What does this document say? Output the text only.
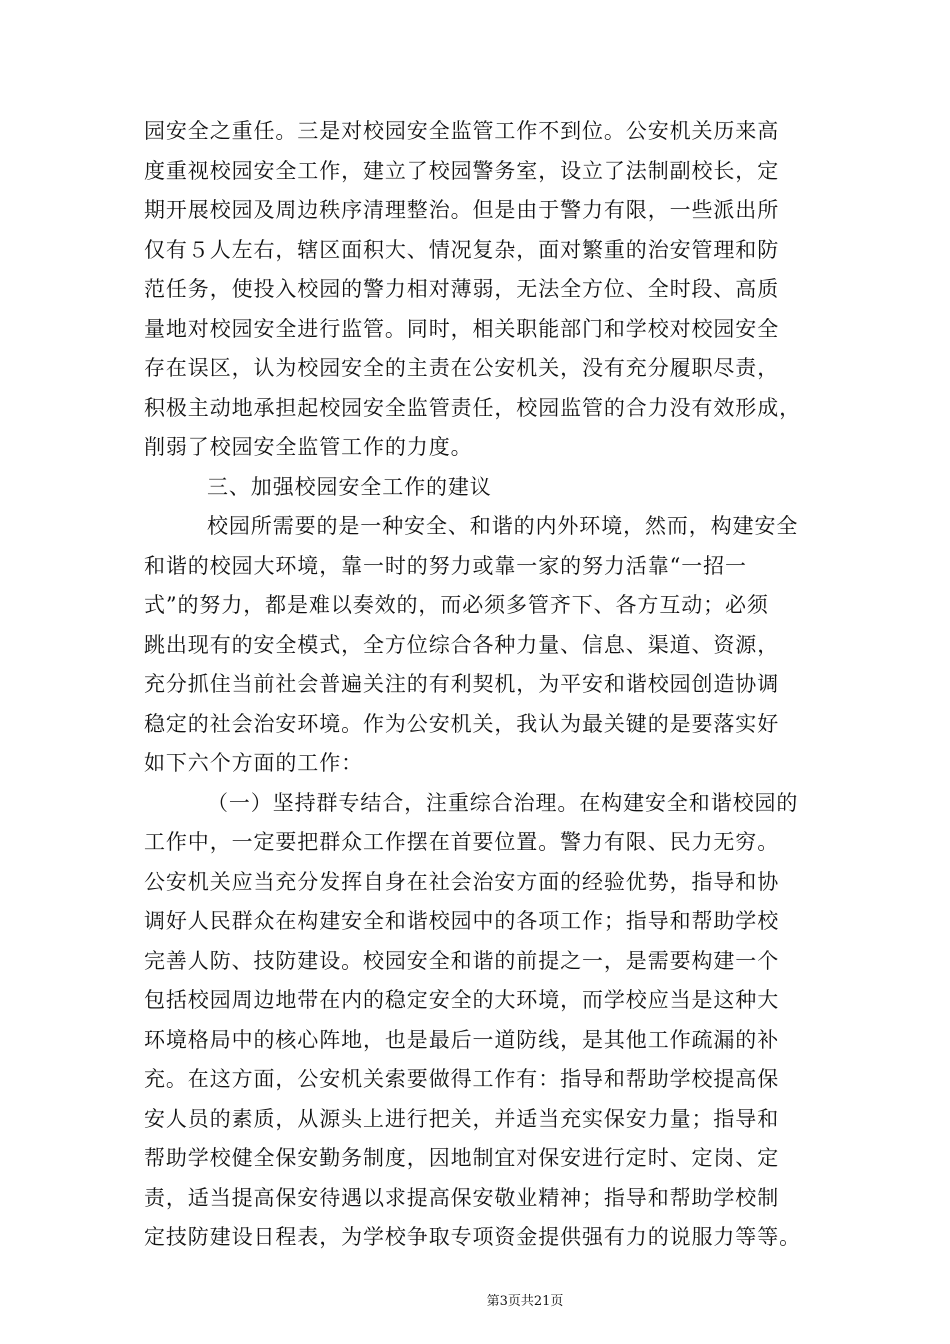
园安全之重任。三是对校园安全监管工作不到位。公安机关历来高
度重视校园安全工作，建立了校园警务室，设立了法制副校长，定
期开展校园及周边秩序清理整治。但是由于警力有限，一些派出所
仅有５人左右，辖区面积大、情况复杂，面对繁重的治安管理和防
范任务，使投入校园的警力相对薄弱，无法全方位、全时段、高质
量地对校园安全进行监管。同时，相关职能部门和学校对校园安全
存在误区，认为校园安全的主责在公安机关，没有充分履职尽责，
积极主动地承担起校园安全监管责任，校园监管的合力没有效形成，
削弱了校园安全监管工作的力度。
三、加强校园安全工作的建议
校园所需要的是一种安全、和谐的内外环境，然而，构建安全
和谐的校园大环境，靠一时的努力或靠一家的努力活靠“一招一
式”的努力，都是难以奏效的，而必须多管齐下、各方互动；必须
跳出现有的安全模式，全方位综合各种力量、信息、渠道、资源，
充分抓住当前社会普遍关注的有利契机，为平安和谐校园创造协调
稳定的社会治安环境。作为公安机关，我认为最关键的是要落实好
如下六个方面的工作：
（一）坚持群专结合，注重综合治理。在构建安全和谐校园的
工作中，一定要把群众工作摆在首要位置。警力有限、民力无穷。
公安机关应当充分发挥自身在社会治安方面的经验优势，指导和协
调好人民群众在构建安全和谐校园中的各项工作；指导和帮助学校
完善人防、技防建设。校园安全和谐的前提之一，是需要构建一个
包括校园周边地带在内的稳定安全的大环境，而学校应当是这种大
环境格局中的核心阵地，也是最后一道防线，是其他工作疏漏的补
充。在这方面，公安机关索要做得工作有：指导和帮助学校提高保
安人员的素质，从源头上进行把关，并适当充实保安力量；指导和
帮助学校健全保安勤务制度，因地制宜对保安进行定时、定岗、定
责，适当提高保安待遇以求提高保安敬业精神；指导和帮助学校制
定技防建设日程表，为学校争取专项资金提供强有力的说服力等等。
第3页共21页
